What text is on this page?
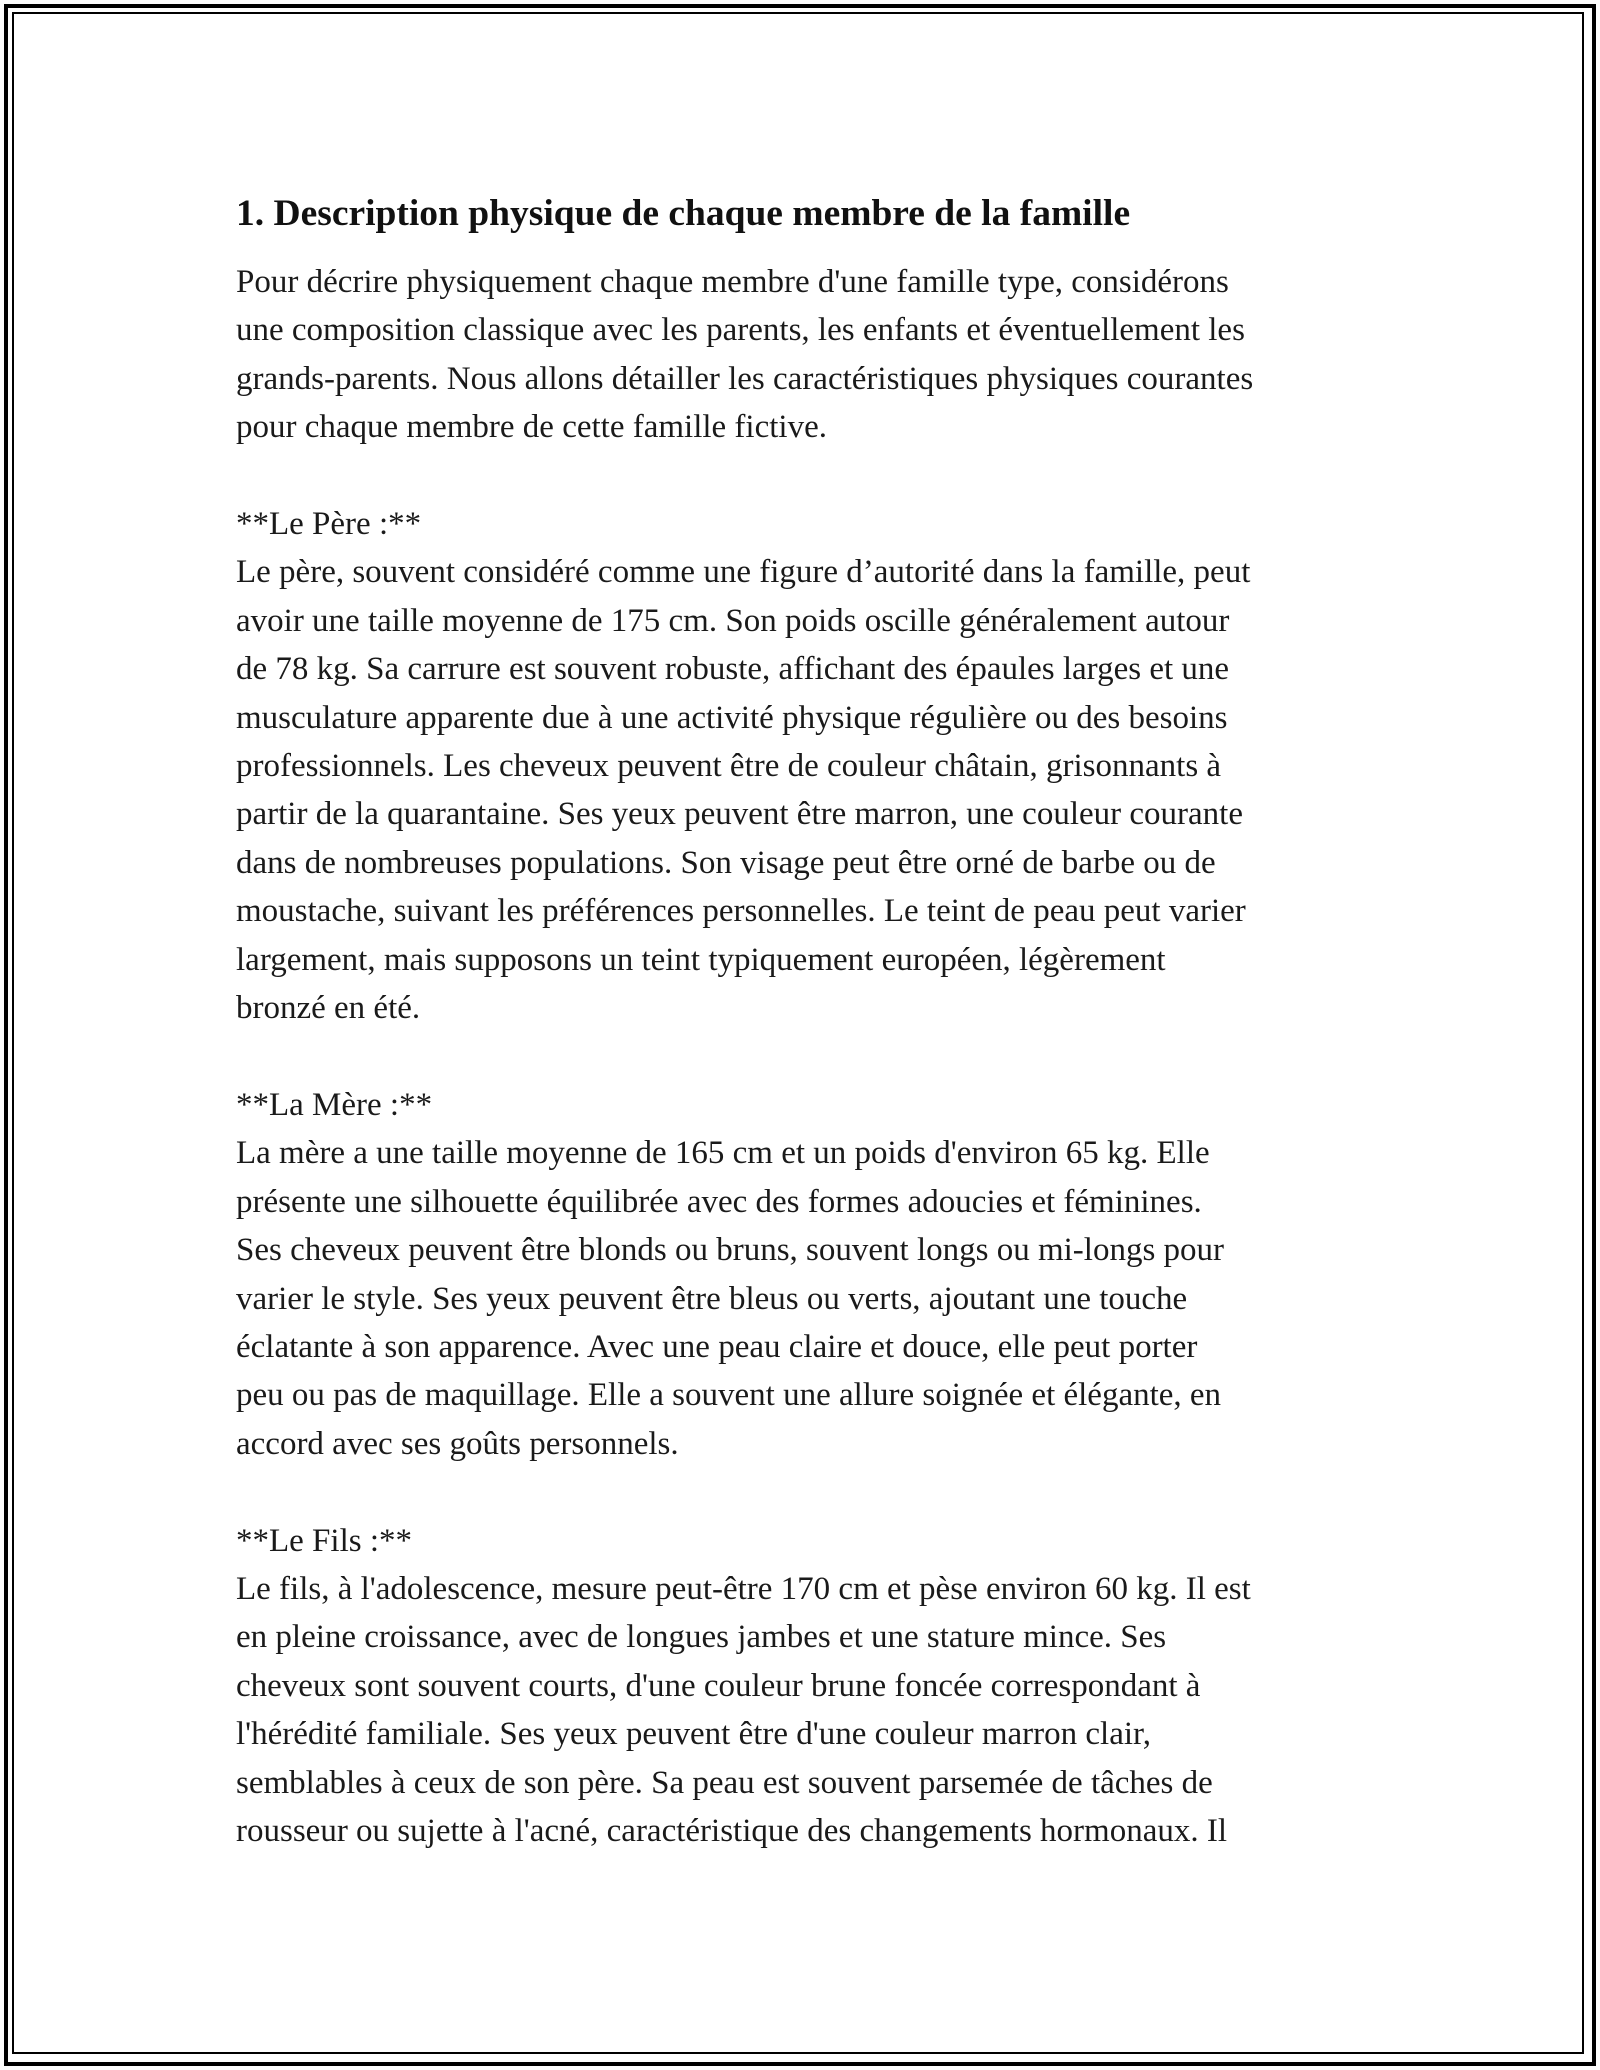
1. Description physique de chaque membre de la famille
Pour décrire physiquement chaque membre d'une famille type, considérons
une composition classique avec les parents, les enfants et éventuellement les
grands-parents. Nous allons détailler les caractéristiques physiques courantes
pour chaque membre de cette famille fictive.
**Le Père :**
Le père, souvent considéré comme une figure d’autorité dans la famille, peut
avoir une taille moyenne de 175 cm. Son poids oscille généralement autour
de 78 kg. Sa carrure est souvent robuste, affichant des épaules larges et une
musculature apparente due à une activité physique régulière ou des besoins
professionnels. Les cheveux peuvent être de couleur châtain, grisonnants à
partir de la quarantaine. Ses yeux peuvent être marron, une couleur courante
dans de nombreuses populations. Son visage peut être orné de barbe ou de
moustache, suivant les préférences personnelles. Le teint de peau peut varier
largement, mais supposons un teint typiquement européen, légèrement
bronzé en été.
**La Mère :**
La mère a une taille moyenne de 165 cm et un poids d'environ 65 kg. Elle
présente une silhouette équilibrée avec des formes adoucies et féminines.
Ses cheveux peuvent être blonds ou bruns, souvent longs ou mi-longs pour
varier le style. Ses yeux peuvent être bleus ou verts, ajoutant une touche
éclatante à son apparence. Avec une peau claire et douce, elle peut porter
peu ou pas de maquillage. Elle a souvent une allure soignée et élégante, en
accord avec ses goûts personnels.
**Le Fils :**
Le fils, à l'adolescence, mesure peut-être 170 cm et pèse environ 60 kg. Il est
en pleine croissance, avec de longues jambes et une stature mince. Ses
cheveux sont souvent courts, d'une couleur brune foncée correspondant à
l'hérédité familiale. Ses yeux peuvent être d'une couleur marron clair,
semblables à ceux de son père. Sa peau est souvent parsemée de tâches de
rousseur ou sujette à l'acné, caractéristique des changements hormonaux. Il
